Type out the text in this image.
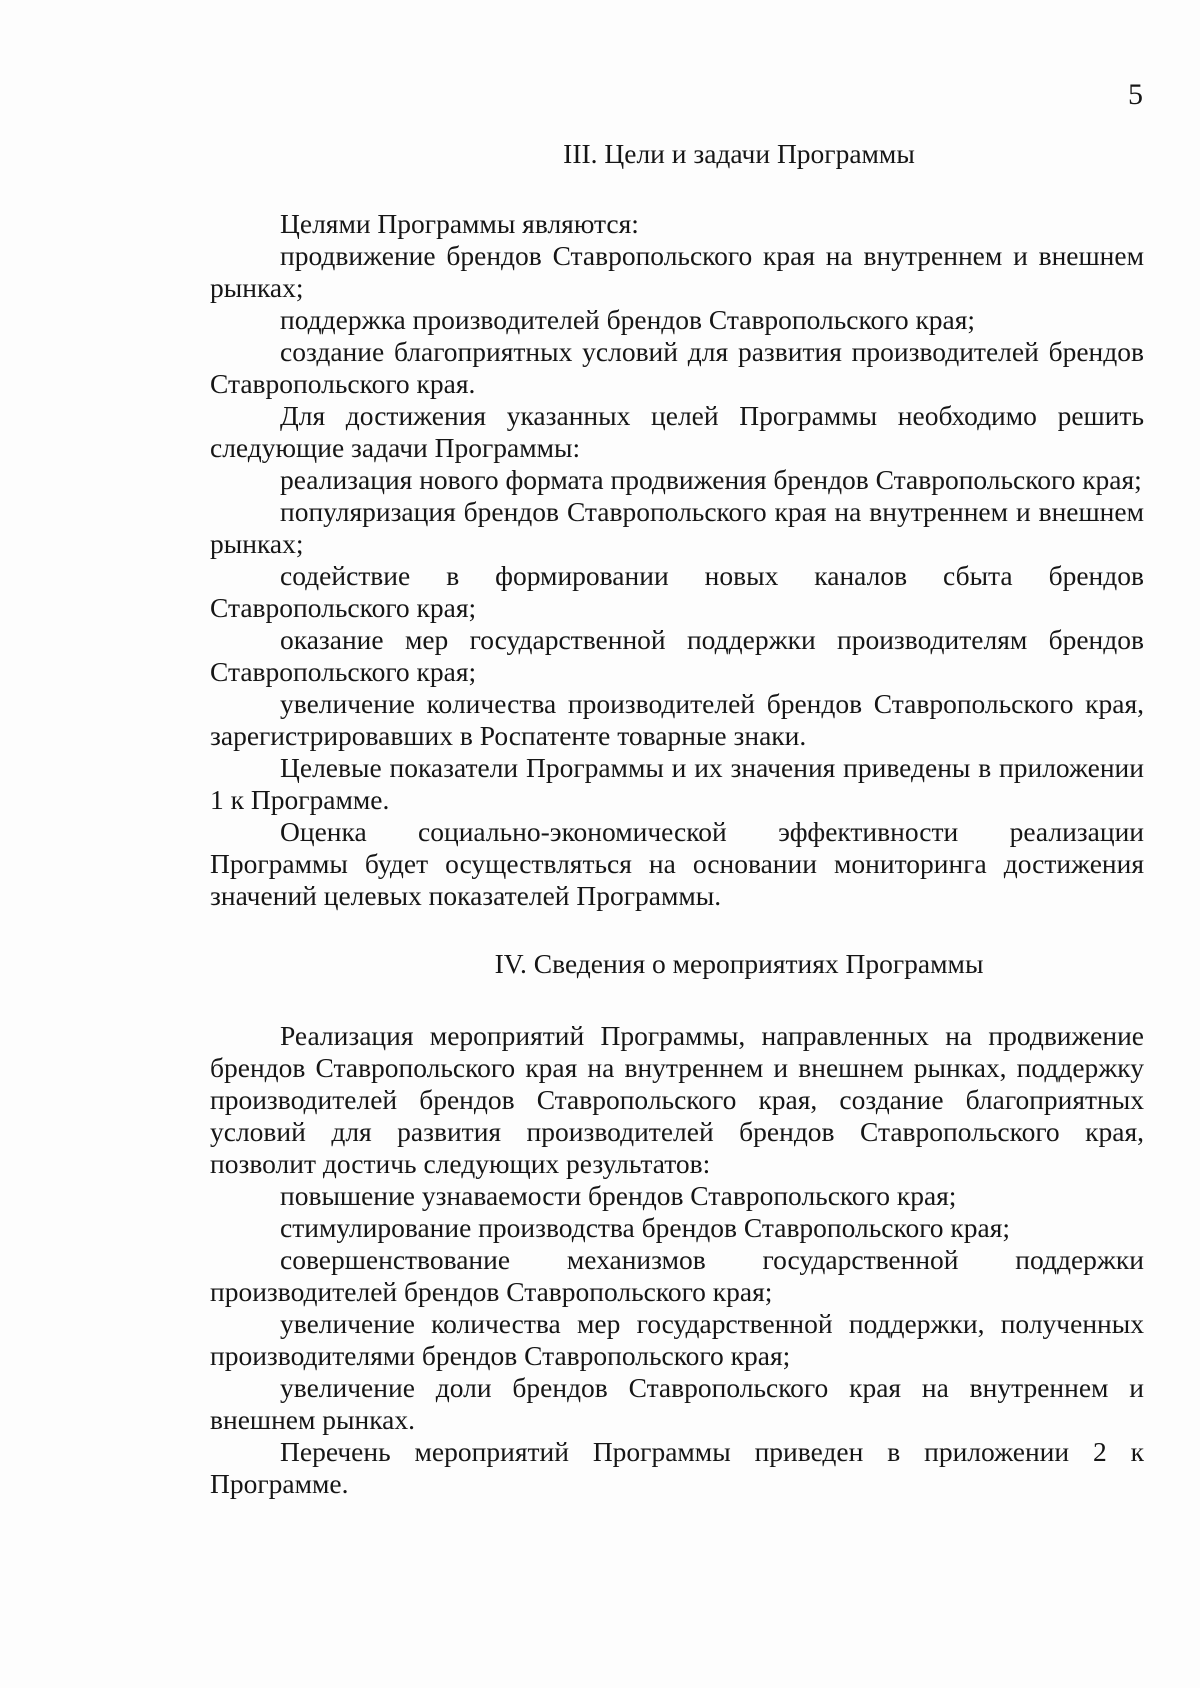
5
III. Цели и задачи Программы

Целями Программы являются:

продвижение брендов Ставропольского края на внутреннем и внешнем рынках;

поддержка производителей брендов Ставропольского края;

создание благоприятных условий для развития производителей брендов Ставропольского края.

Для достижения указанных целей Программы необходимо решить следующие задачи Программы:

реализация нового формата продвижения брендов Ставропольского края;

популяризация брендов Ставропольского края на внутреннем и внешнем рынках;

содействие в формировании новых каналов сбыта брендов Ставропольского края;

оказание мер государственной поддержки производителям брендов Ставропольского края;

увеличение количества производителей брендов Ставропольского края, зарегистрировавших в Роспатенте товарные знаки.

Целевые показатели Программы и их значения приведены в приложении 1 к Программе.

Оценка социально-экономической эффективности реализации Программы будет осуществляться на основании мониторинга достижения значений целевых показателей Программы.

IV. Сведения о мероприятиях Программы

Реализация мероприятий Программы, направленных на продвижение брендов Ставропольского края на внутреннем и внешнем рынках, поддержку производителей брендов Ставропольского края, создание благоприятных условий для развития производителей брендов Ставропольского края, позволит достичь следующих результатов:

повышение узнаваемости брендов Ставропольского края;

стимулирование производства брендов Ставропольского края;

совершенствование механизмов государственной поддержки производителей брендов Ставропольского края;

увеличение количества мер государственной поддержки, полученных производителями брендов Ставропольского края;

увеличение доли брендов Ставропольского края на внутреннем и внешнем рынках.

Перечень мероприятий Программы приведен в приложении 2 к Программе.
